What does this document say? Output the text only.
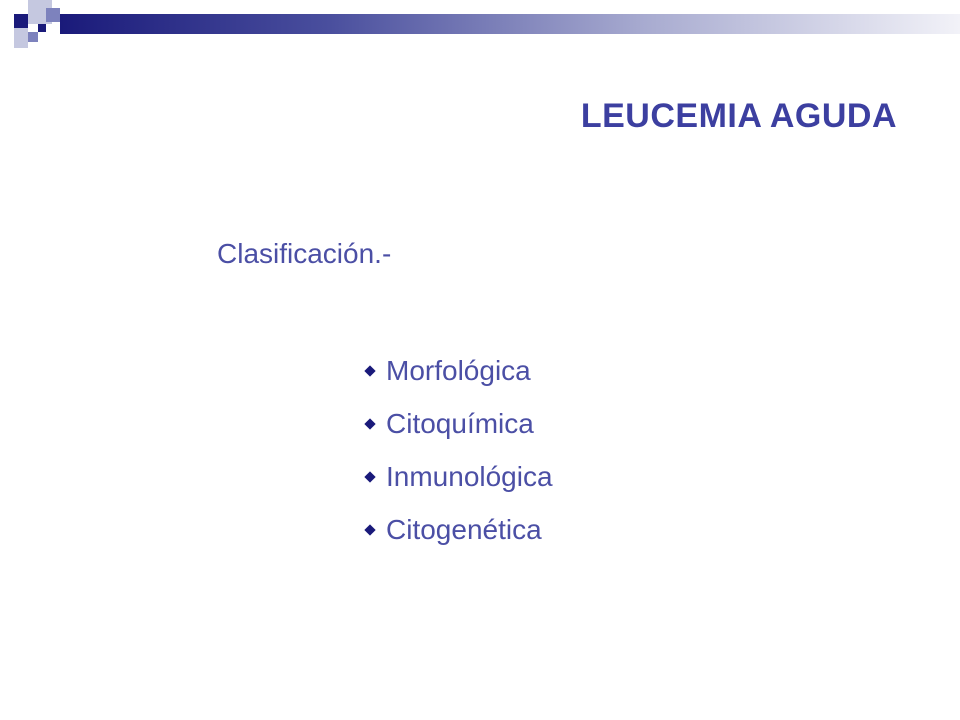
LEUCEMIA AGUDA
Clasificación.-
Morfológica
Citoquímica
Inmunológica
Citogenética
